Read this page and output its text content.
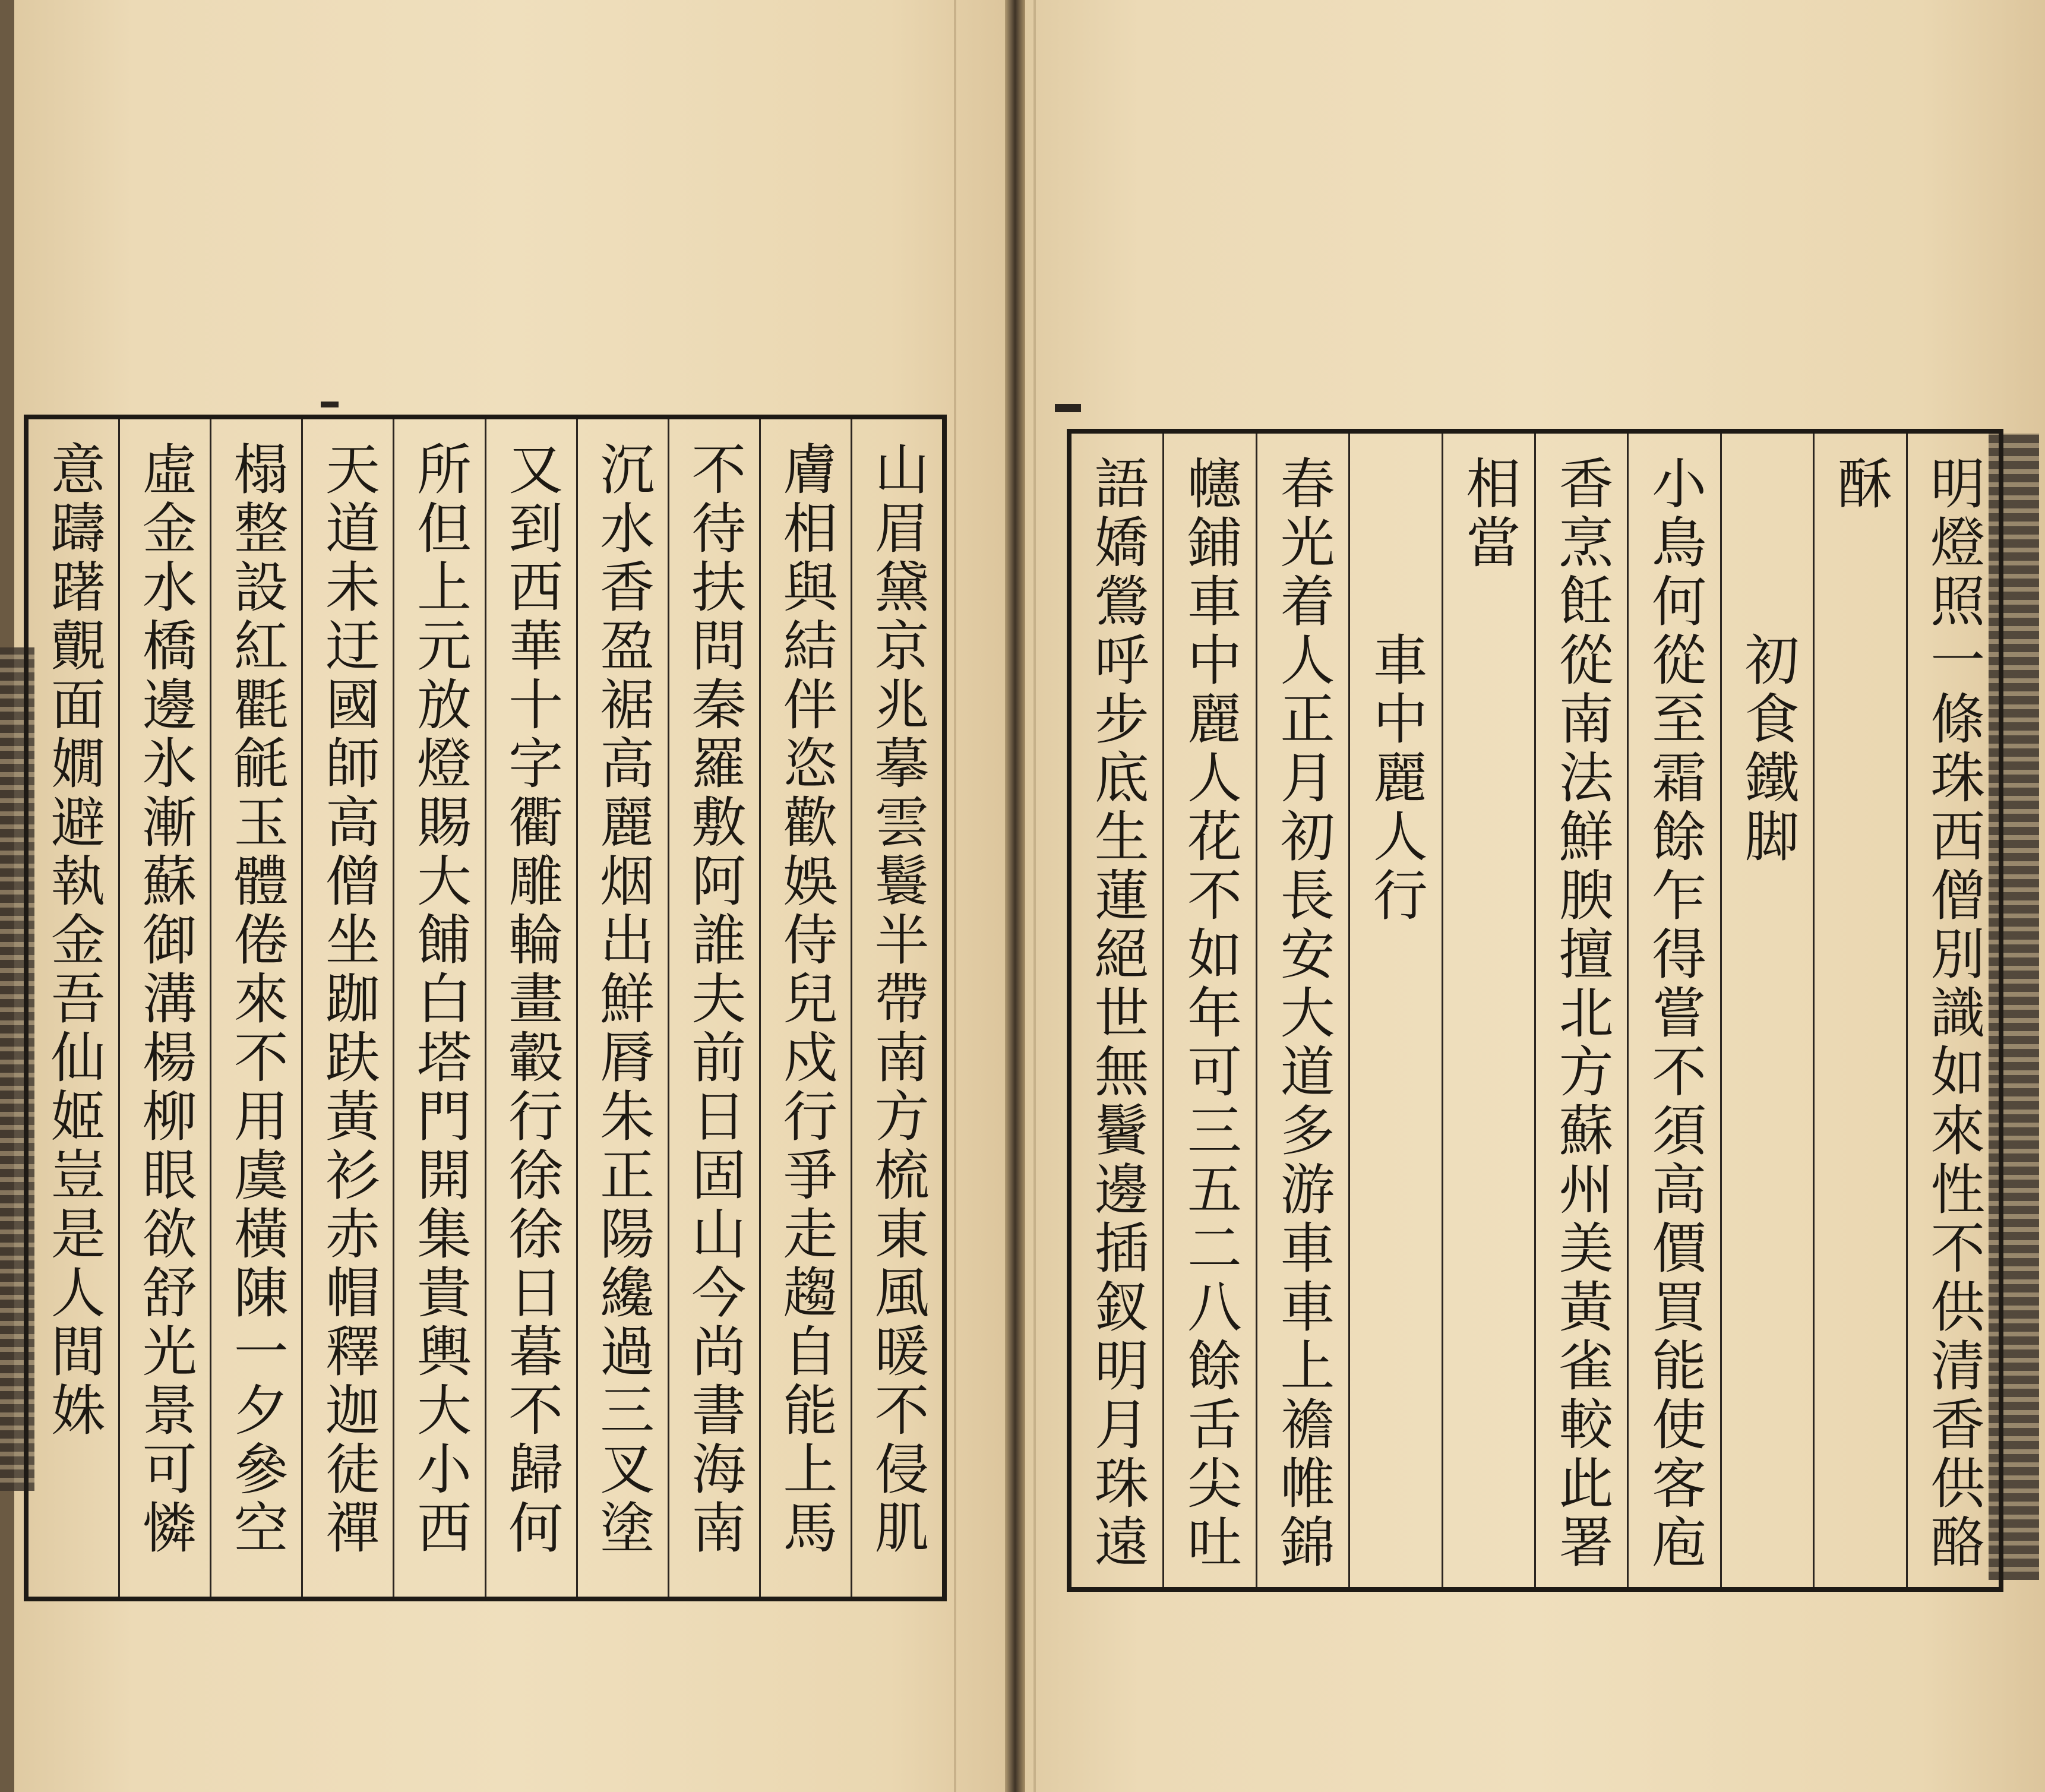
山眉黛京兆摹雲鬟半帶南方梳東風暖不侵肌
膚相與結伴恣歡娛侍兒戍行爭走趨自能上馬
不待扶問秦羅敷阿誰夫前日固山今尚書海南
沉水香盈裾高麗烟出鮮脣朱正陽纔過三叉塗
又到西華十字衢雕輪畫轂行徐徐日暮不歸何
所但上元放燈賜大餔白塔門開集貴輿大小西
天道未迂國師高僧坐跏趺黃衫赤帽釋迦徒禪
榻整設紅氍毹玉體倦來不用虞橫陳一夕參空
虛金水橋邊氷漸蘇御溝楊柳眼欲舒光景可憐
意躊躇覿面嫺避執金吾仙姬豈是人間姝	明燈照一條珠西僧別識如來性不供清香供酪
酥
　　　初食鐵脚
小鳥何從至霜餘乍得嘗不須高價買能使客庖
香烹飪從南法鮮腴擅北方蘇州美黃雀較此署
相當
　　　車中麗人行
春光着人正月初長安大道多游車車上襜帷錦
幰鋪車中麗人花不如年可三五二八餘舌尖吐
語嬌鶯呼步底生蓮絕世無鬢邊插釵明月珠遠
